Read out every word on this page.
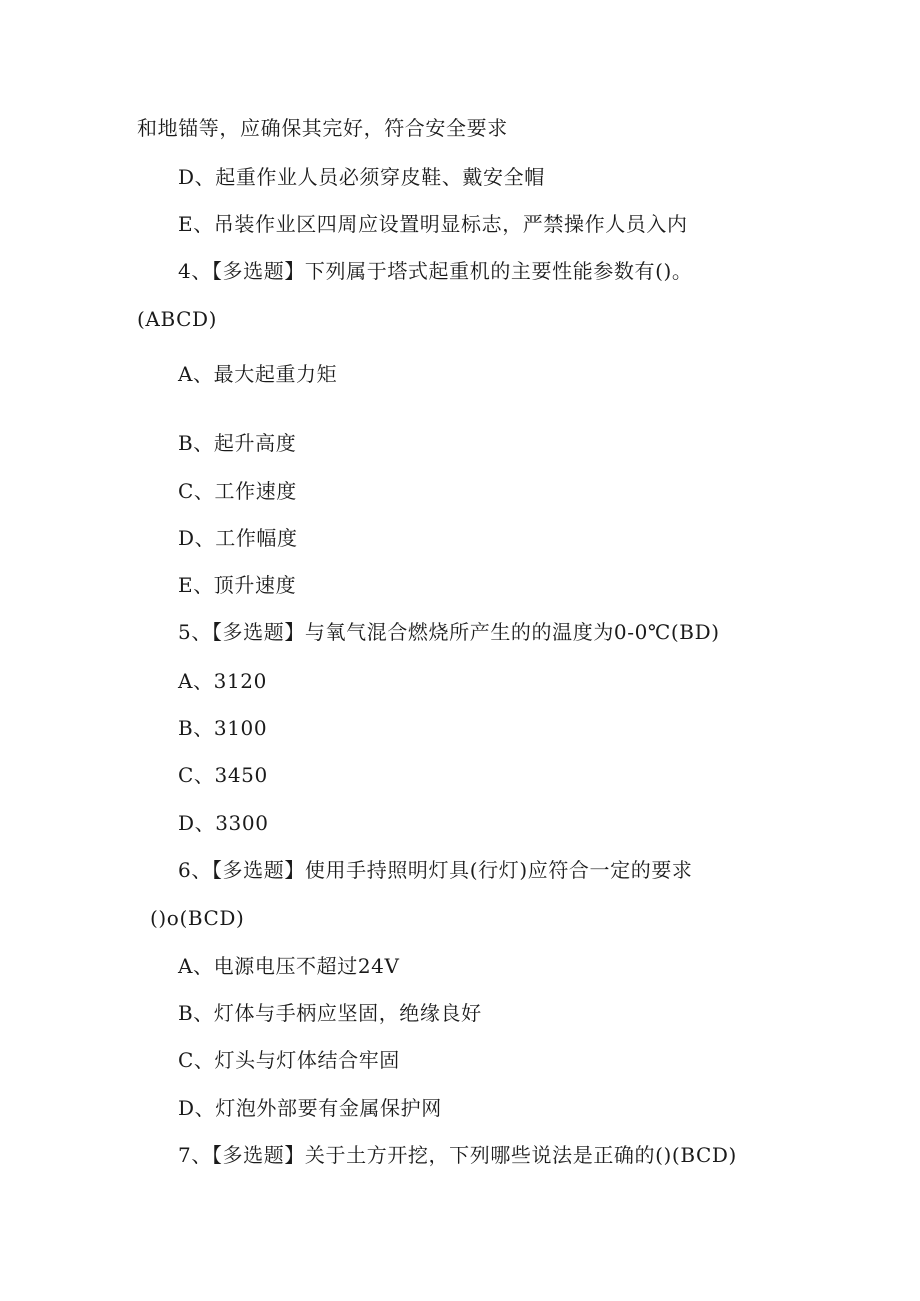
和地锚等，应确保其完好，符合安全要求
D、起重作业人员必须穿皮鞋、戴安全帽
E、吊装作业区四周应设置明显标志，严禁操作人员入内
4、【多选题】下列属于塔式起重机的主要性能参数有()。
(ABCD)
A、最大起重力矩
B、起升高度
C、工作速度
D、工作幅度
E、顶升速度
5、【多选题】与氧气混合燃烧所产生的的温度为0-0℃(BD)
A、3120
B、3100
C、3450
D、3300
6、【多选题】使用手持照明灯具(行灯)应符合一定的要求
()o(BCD)
A、电源电压不超过24V
B、灯体与手柄应坚固，绝缘良好
C、灯头与灯体结合牢固
D、灯泡外部要有金属保护网
7、【多选题】关于土方开挖，下列哪些说法是正确的()(BCD)
